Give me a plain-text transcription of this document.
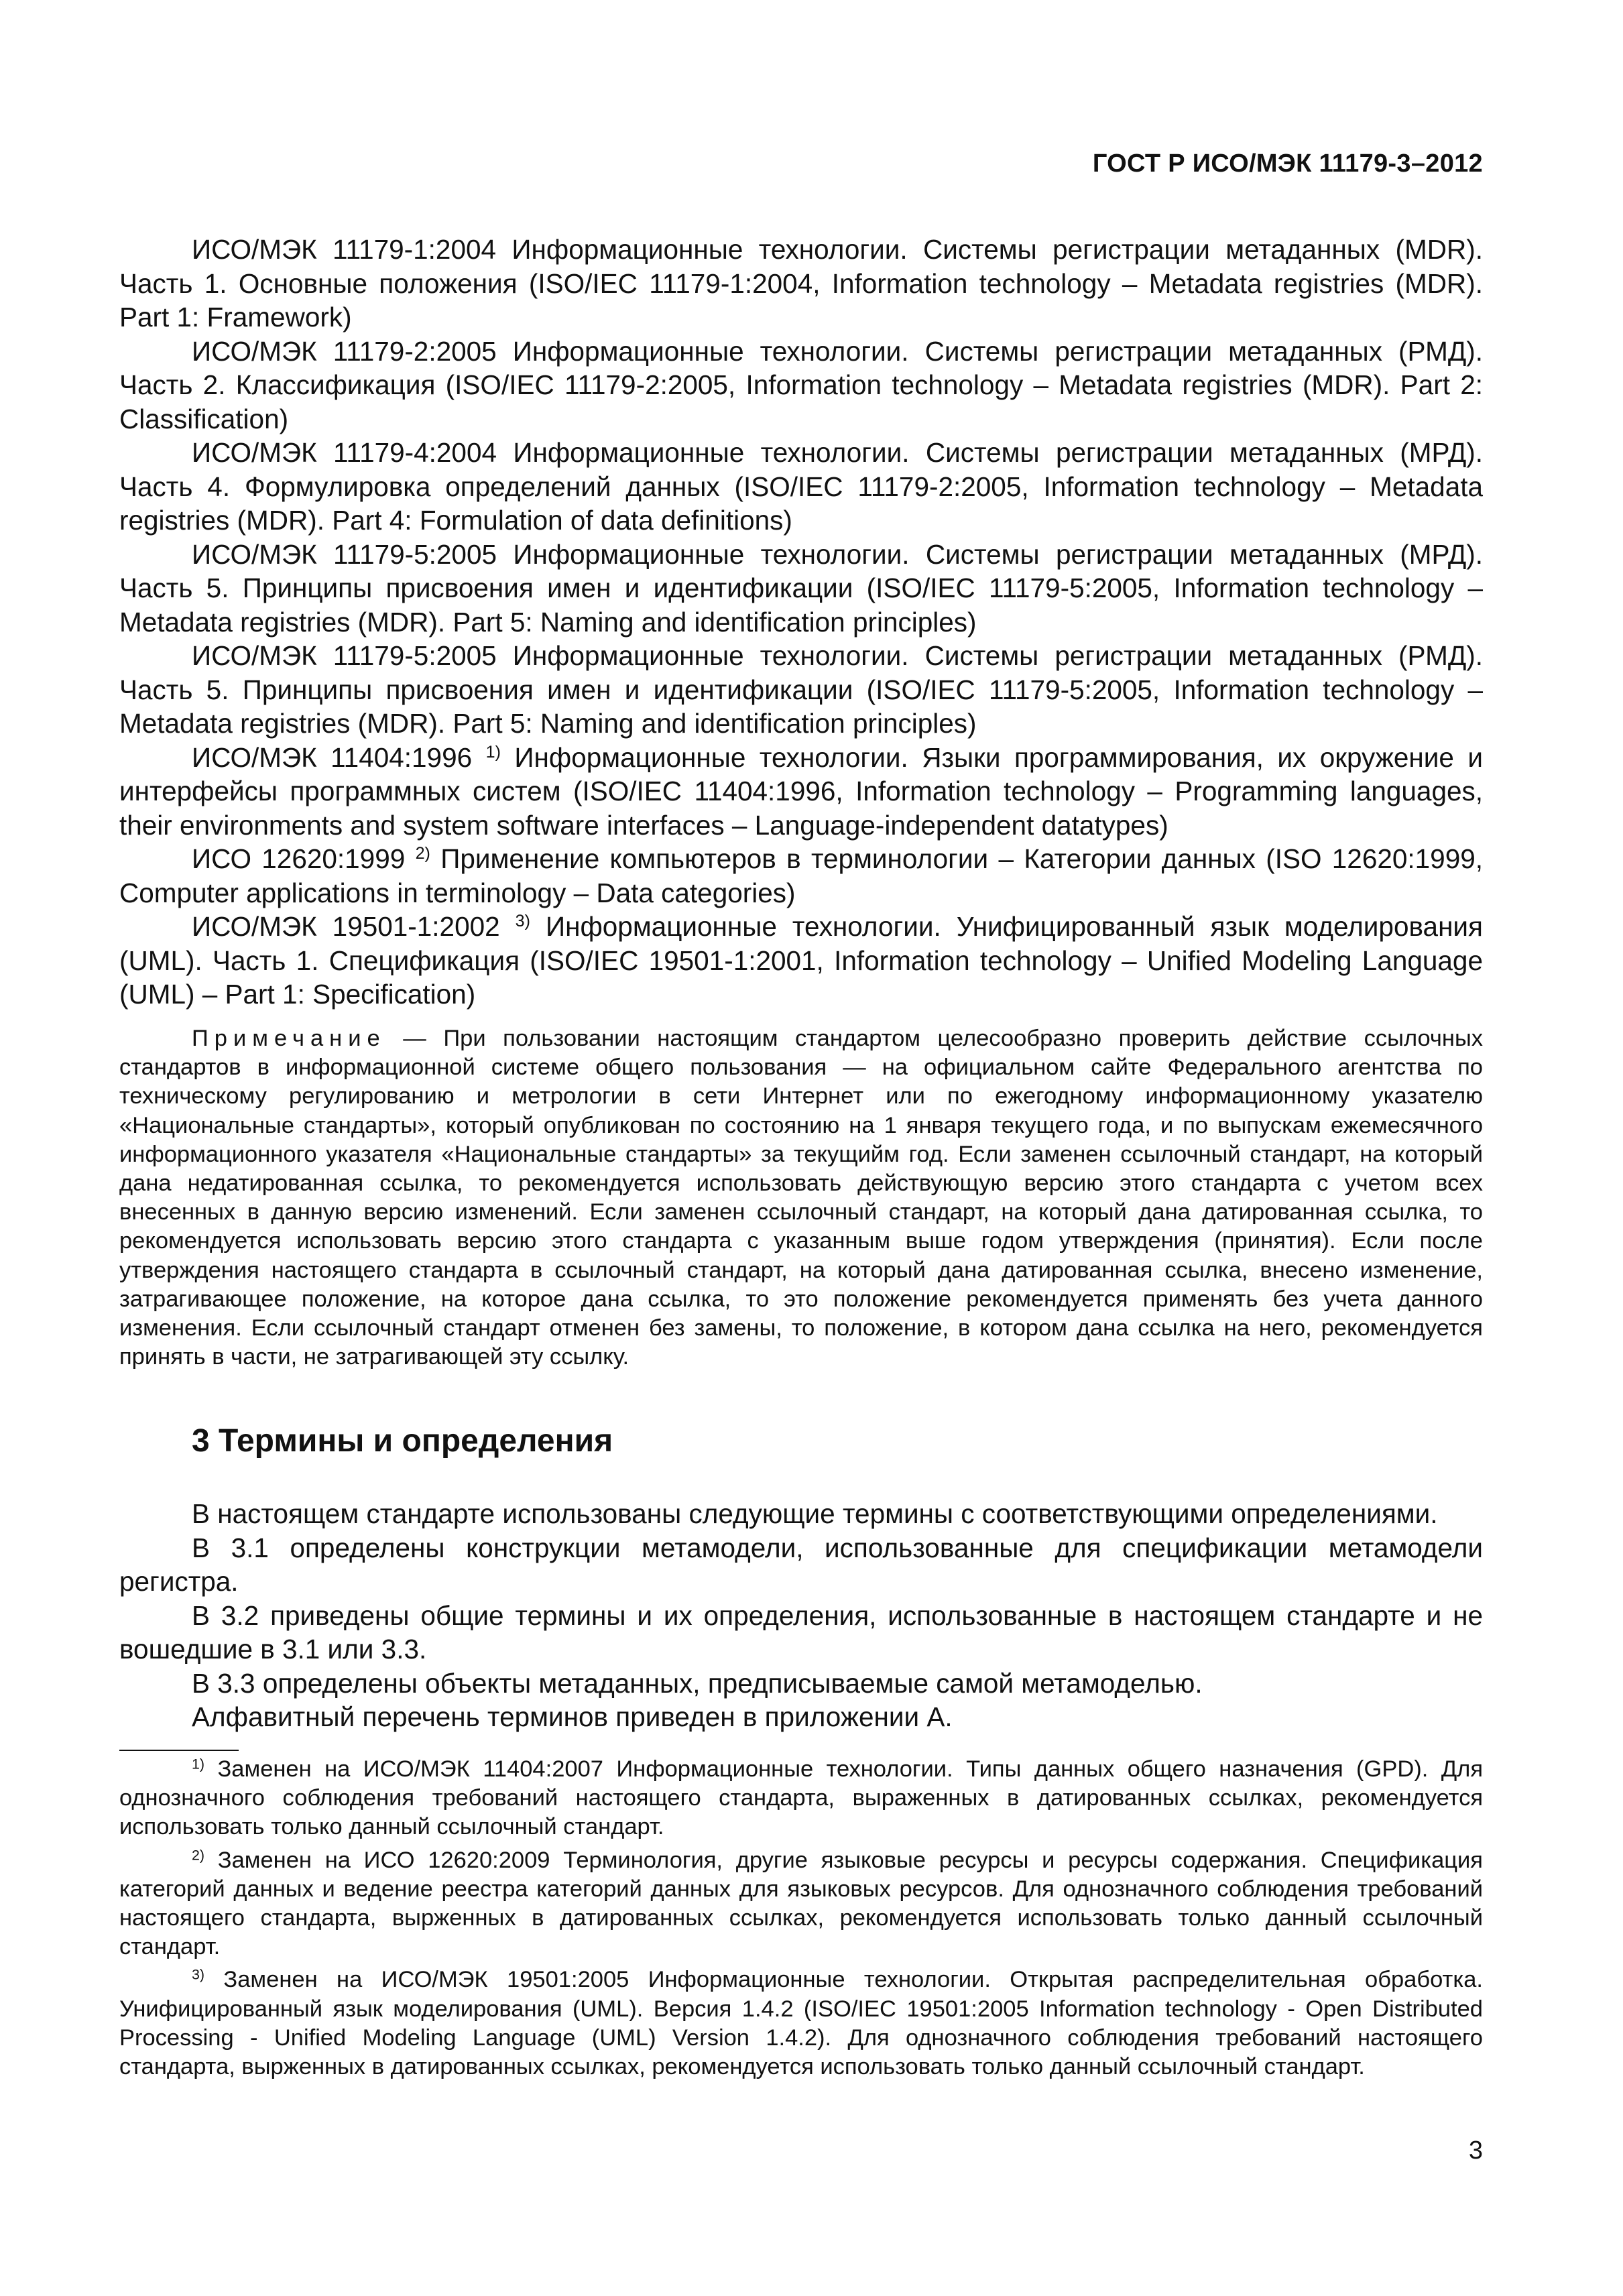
ГОСТ Р ИСО/МЭК 11179-3–2012

ИСО/МЭК 11179-1:2004 Информационные технологии. Системы регистрации метаданных (MDR). Часть 1. Основные положения (ISO/IEC 11179-1:2004, Information technology – Metadata registries (MDR). Part 1: Framework)

ИСО/МЭК 11179-2:2005 Информационные технологии. Системы регистрации метаданных (РМД). Часть 2. Классификация (ISO/IEC 11179-2:2005, Information technology – Metadata registries (MDR). Part 2: Classification)

ИСО/МЭК 11179-4:2004 Информационные технологии. Системы регистрации метаданных (МРД). Часть 4. Формулировка определений данных (ISO/IEC 11179-2:2005, Information technology – Metadata registries (MDR). Part 4: Formulation of data definitions)

ИСО/МЭК 11179-5:2005 Информационные технологии. Системы регистрации метаданных (МРД). Часть 5. Принципы присвоения имен и идентификации (ISO/IEC 11179-5:2005, Information technology – Metadata registries (MDR). Part 5: Naming and identification principles)

ИСО/МЭК 11179-5:2005 Информационные технологии. Системы регистрации метаданных (РМД). Часть 5. Принципы присвоения имен и идентификации (ISO/IEC 11179-5:2005, Information technology – Metadata registries (MDR). Part 5: Naming and identification principles)

ИСО/МЭК 11404:1996 $^{1)}$ Информационные технологии. Языки программирования, их окружение и интерфейсы программных систем (ISO/IEC 11404:1996, Information technology – Programming languages, their environments and system software interfaces – Language-independent datatypes)

ИСО 12620:1999 $^{2)}$ Применение компьютеров в терминологии – Категории данных (ISO 12620:1999, Computer applications in terminology – Data categories)

ИСО/МЭК 19501-1:2002 $^{3)}$ Информационные технологии. Унифицированный язык моделирования (UML). Часть 1. Спецификация (ISO/IEC 19501-1:2001, Information technology – Unified Modeling Language (UML) – Part 1: Specification)

Примечание — При пользовании настоящим стандартом целесообразно проверить действие ссылочных стандартов в информационной системе общего пользования — на официальном сайте Федерального агентства по техническому регулированию и метрологии в сети Интернет или по ежегодному информационному указателю «Национальные стандарты», который опубликован по состоянию на 1 января текущего года, и по выпускам ежемесячного информационного указателя «Национальные стандарты» за текущийм год. Если заменен ссылочный стандарт, на который дана недатированная ссылка, то рекомендуется использовать действующую версию этого стандарта с учетом всех внесенных в данную версию изменений. Если заменен ссылочный стандарт, на который дана датированная ссылка, то рекомендуется использовать версию этого стандарта с указанным выше годом утверждения (принятия). Если после утверждения настоящего стандарта в ссылочный стандарт, на который дана датированная ссылка, внесено изменение, затрагивающее положение, на которое дана ссылка, то это положение рекомендуется применять без учета данного изменения. Если ссылочный стандарт отменен без замены, то положение, в котором дана ссылка на него, рекомендуется принять в части, не затрагивающей эту ссылку.

3 Термины и определения

В настоящем стандарте использованы следующие термины с соответствующими определениями.

В 3.1 определены конструкции метамодели, использованные для спецификации метамодели регистра.

В 3.2 приведены общие термины и их определения, использованные в настоящем стандарте и не вошедшие в 3.1 или 3.3.

В 3.3 определены объекты метаданных, предписываемые самой метамоделью.

Алфавитный перечень терминов приведен в приложении А.

$^{1)}$ Заменен на ИСО/МЭК 11404:2007 Информационные технологии. Типы данных общего назначения (GPD). Для однозначного соблюдения требований настоящего стандарта, выраженных в датированных ссылках, рекомендуется использовать только данный ссылочный стандарт.

$^{2)}$ Заменен на ИСО 12620:2009 Терминология, другие языковые ресурсы и ресурсы содержания. Спецификация категорий данных и ведение реестра категорий данных для языковых ресурсов. Для однозначного соблюдения требований настоящего стандарта, вырженных в датированных ссылках, рекомендуется использовать только данный ссылочный стандарт.

$^{3)}$ Заменен на ИСО/МЭК 19501:2005 Информационные технологии. Открытая распределительная обработка. Унифицированный язык моделирования (UML). Версия 1.4.2 (ISO/IEC 19501:2005 Information technology - Open Distributed Processing - Unified Modeling Language (UML) Version 1.4.2). Для однозначного соблюдения требований настоящего стандарта, вырженных в датированных ссылках, рекомендуется использовать только данный ссылочный стандарт.

3
